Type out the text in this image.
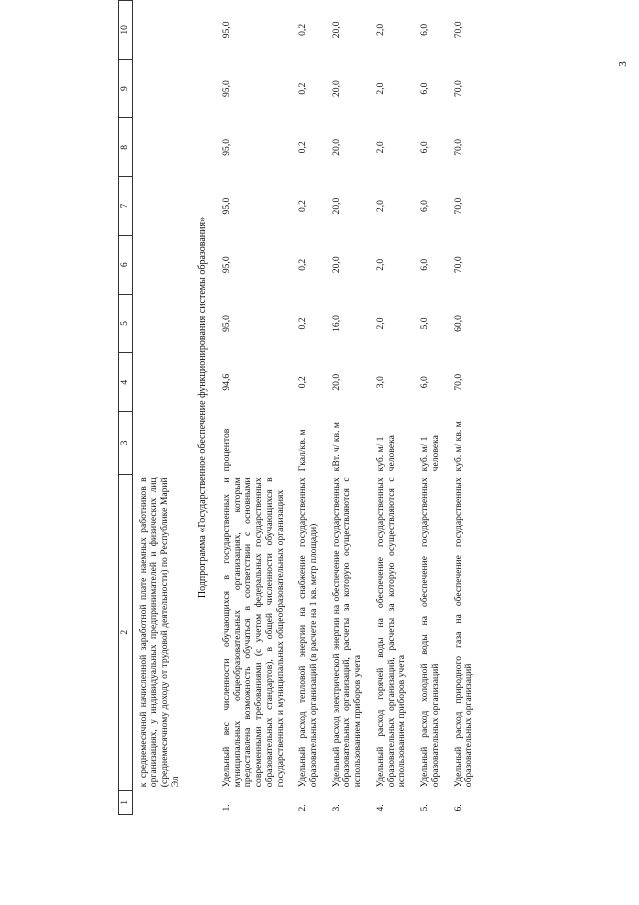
3
1	2	3	4	5	6	7	8	9	10
	к среднемесячной начисленной заработной плате наемных работников в организациях, у индивидуальных предпринимателей и физических лиц (среднемесячному доходу от трудовой деятельности) по Республике Марий Эл								
Подпрограмма «Государственное обеспечение функционирования системы образования»									
1.	Удельный вес численности обучающихся в государственных и муниципальных общеобразовательных организациях, которым предоставлена возможность обучаться в соответствии с основными современными требованиями (с учетом федеральных государственных образовательных стандартов), в общей численности обучающихся в государственных и муниципальных общеобразовательных организациях	процентов	94,6	95,0	95,0	95,0	95,0	95,0	95,0
2.	Удельный расход тепловой энергии на снабжение государственных образовательных организаций (в расчете на 1 кв. метр площади)	Гкал/кв. м	0,2	0,2	0,2	0,2	0,2	0,2	0,2
3.	Удельный расход электрической энергии на обеспечение государственных образовательных организаций, расчеты за которую осуществляются с использованием приборов учета	кВт. ч/ кв. м	20,0	16,0	20,0	20,0	20,0	20,0	20,0
4.	Удельный расход горячей воды на обеспечение государственных образовательных организаций, расчеты за которую осуществляются с использованием приборов учета	куб. м/ 1 человека	3,0	2,0	2,0	2,0	2,0	2,0	2,0
5.	Удельный расход холодной воды на обеспечение государственных образовательных организаций	куб. м/ 1 человека	6,0	5,0	6,0	6,0	6,0	6,0	6,0
6.	Удельный расход природного газа на обеспечение государственных образовательных организаций	куб. м/ кв. м	70,0	60,0	70,0	70,0	70,0	70,0	70,0
